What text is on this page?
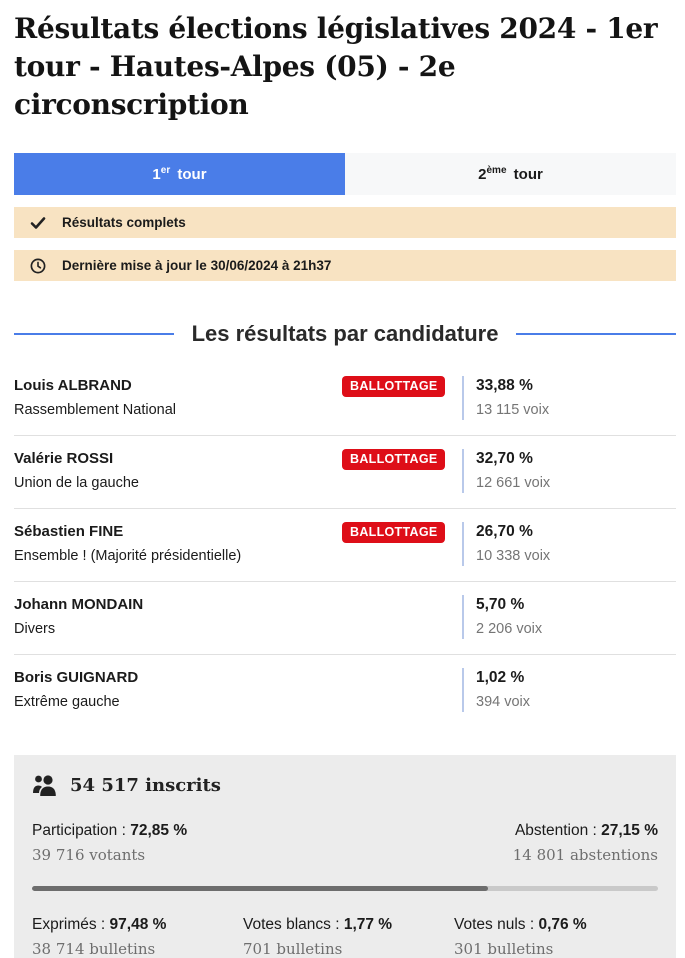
Résultats élections législatives 2024 - 1er tour - Hautes-Alpes (05) - 2e circonscription
1er tour	2ème tour
Résultats complets
Dernière mise à jour le 30/06/2024 à 21h37
Les résultats par candidature
Louis ALBRAND
Rassemblement National
BALLOTTAGE	33,88 %
13 115 voix
Valérie ROSSI
Union de la gauche
BALLOTTAGE	32,70 %
12 661 voix
Sébastien FINE
Ensemble ! (Majorité présidentielle)
BALLOTTAGE	26,70 %
10 338 voix
Johann MONDAIN
Divers
5,70 %
2 206 voix
Boris GUIGNARD
Extrême gauche
1,02 %
394 voix
54 517 inscrits
Participation : 72,85 %
39 716 votants
Abstention : 27,15 %
14 801 abstentions
Exprimés : 97,48 %
38 714 bulletins
Votes blancs : 1,77 %
701 bulletins
Votes nuls : 0,76 %
301 bulletins
